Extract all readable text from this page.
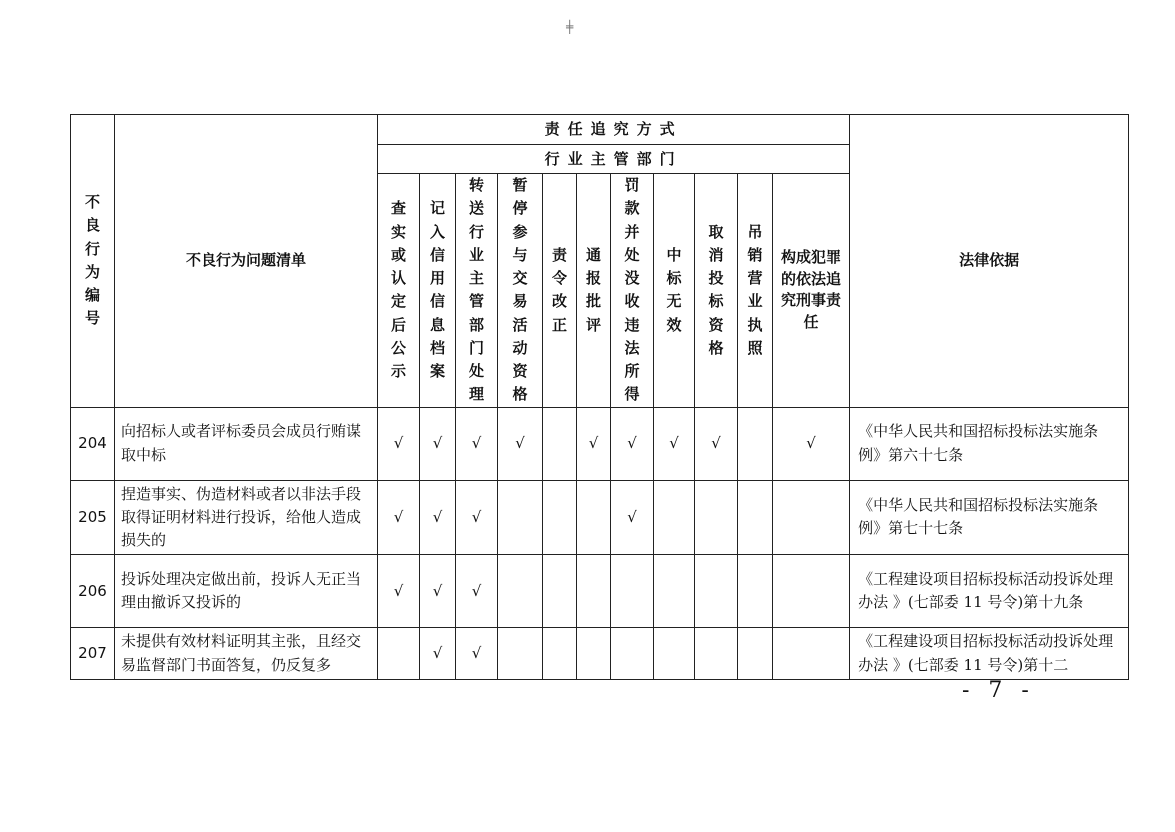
╪
不良行为编号	不良行为问题清单	责任追究方式											法律依据
		行业主管部门											
		查实或认定后公示	记入信用信息档案	转送行业主管部门处理	暂停参与交易活动资格	责令改正	通报批评	罚款并处没收违法所得	中标无效	取消投标资格	吊销营业执照	构成犯罪的依法追究刑事责任	
204	向招标人或者评标委员会成员行贿谋取中标	√	√	√	√		√	√	√	√		√	《中华人民共和国招标投标法实施条例》第六十七条
205	捏造事实、伪造材料或者以非法手段取得证明材料进行投诉，给他人造成损失的	√	√	√				√					《中华人民共和国招标投标法实施条例》第七十七条
206	投诉处理决定做出前，投诉人无正当理由撤诉又投诉的	√	√	√									《工程建设项目招标投标活动投诉处理办法 》(七部委 11 号令)第十九条
207	未提供有效材料证明其主张，且经交易监督部门书面答复，仍反复多		√	√									《工程建设项目招标投标活动投诉处理办法 》(七部委 11 号令)第十二
- 7 -
